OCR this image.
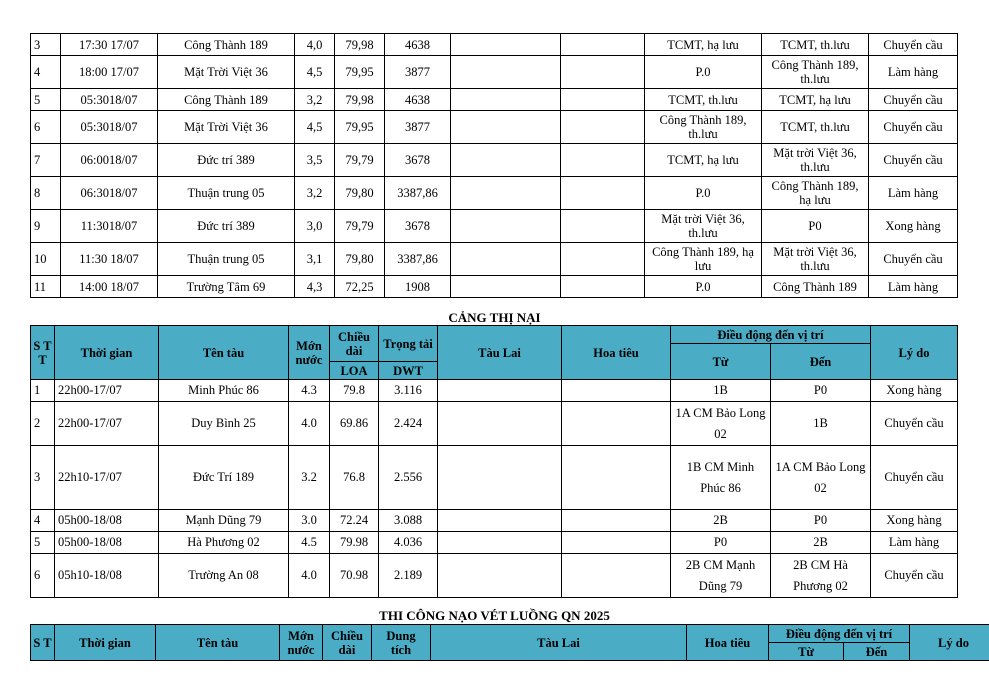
3	17:30 17/07	Công Thành 189	4,0	79,98	4638			TCMT, hạ lưu	TCMT, th.lưu	Chuyển cầu
4	18:00 17/07	Mặt Trời Việt 36	4,5	79,95	3877			P.0	Công Thành 189, th.lưu	Làm hàng
5	05:3018/07	Công Thành 189	3,2	79,98	4638			TCMT, th.lưu	TCMT, hạ lưu	Chuyển cầu
6	05:3018/07	Mặt Trời Việt 36	4,5	79,95	3877			Công Thành 189, th.lưu	TCMT, th.lưu	Chuyển cầu
7	06:0018/07	Đức trí 389	3,5	79,79	3678			TCMT, hạ lưu	Mặt trời Việt 36, th.lưu	Chuyển cầu
8	06:3018/07	Thuận trung 05	3,2	79,80	3387,86			P.0	Công Thành 189, hạ lưu	Làm hàng
9	11:3018/07	Đức trí 389	3,0	79,79	3678			Mặt trời Việt 36, th.lưu	P0	Xong hàng
10	11:30 18/07	Thuận trung 05	3,1	79,80	3387,86			Công Thành 189, hạ lưu	Mặt trời Việt 36, th.lưu	Chuyển cầu
11	14:00 18/07	Trường Tâm 69	4,3	72,25	1908			P.0	Công Thành 189	Làm hàng
CẢNG THỊ NẠI
S T T	Thời gian	Tên tàu	Mớn nước	Chiều dài	Trọng tải	Tàu Lai	Hoa tiêu	Điều động đến vị trí		Lý do
								Từ	Đến	
				LOA	DWT					
1	22h00-17/07	Minh Phúc 86	4.3	79.8	3.116			1B	P0	Xong hàng
2	22h00-17/07	Duy Bình 25	4.0	69.86	2.424			1A CM Bảo Long 02	1B	Chuyển cầu
3	22h10-17/07	Đức Trí 189	3.2	76.8	2.556			1B CM Minh Phúc 86	1A CM Bảo Long 02	Chuyển cầu
4	05h00-18/08	Mạnh Dũng 79	3.0	72.24	3.088			2B	P0	Xong hàng
5	05h00-18/08	Hà Phương 02	4.5	79.98	4.036			P0	2B	Làm hàng
6	05h10-18/08	Trường An 08	4.0	70.98	2.189			2B CM Mạnh Dũng 79	2B CM Hà Phương 02	Chuyển cầu
THI CÔNG NẠO VÉT LUỒNG QN 2025
S T	Thời gian	Tên tàu	Mớn nước	Chiều dài	Dung tích	Tàu Lai	Hoa tiêu	Điều động đến vị trí		Lý do
								Từ	Đến	
